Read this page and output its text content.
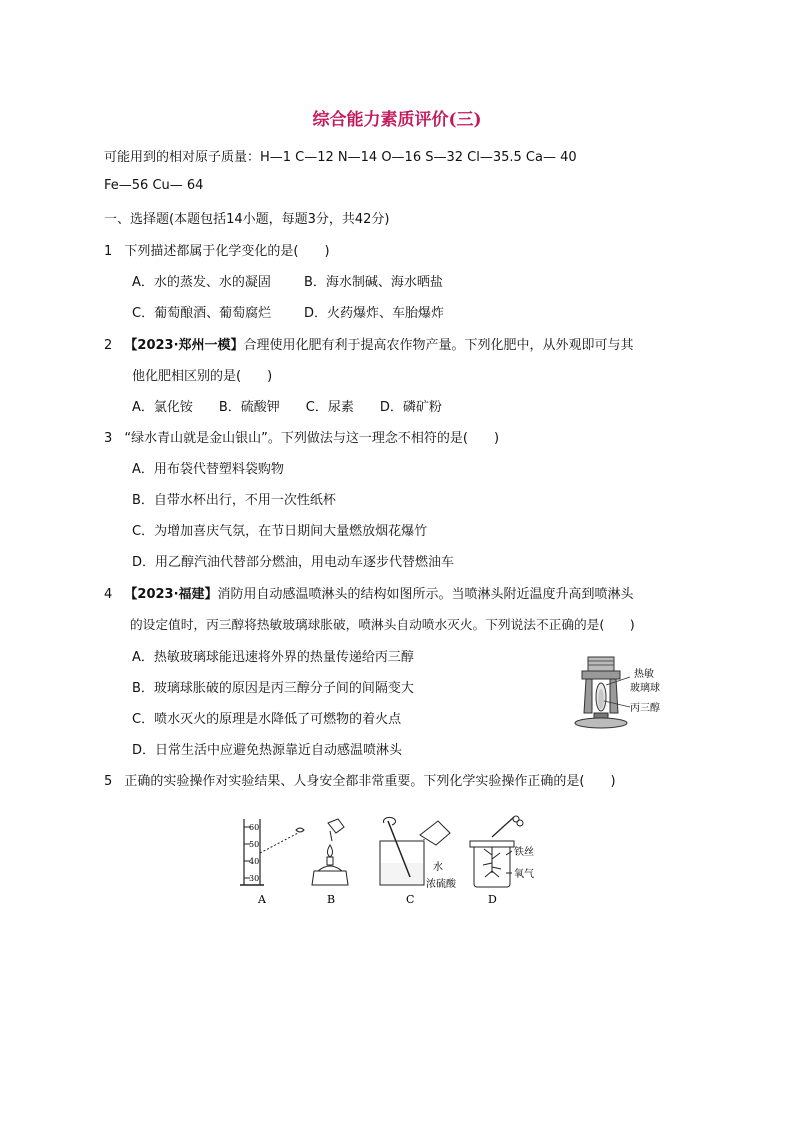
综合能力素质评价(三)
可能用到的相对原子质量：H—1 C—12 N—14 O—16 S—32 Cl—35.5 Ca— 40
Fe—56 Cu— 64
一、选择题(本题包括14小题，每题3分，共42分)
1 下列描述都属于化学变化的是(　　)
A．水的蒸发、水的凝固	B．海水制碱、海水晒盐
C．葡萄酿酒、葡萄腐烂	D．火药爆炸、车胎爆炸
2 【2023·郑州一模】合理使用化肥有利于提高农作物产量。下列化肥中，从外观即可与其
他化肥相区别的是(　　)
A．氯化铵　　B．硫酸钾　　C．尿素　　D．磷矿粉
3 “绿水青山就是金山银山”。下列做法与这一理念不相符的是(　　)
A．用布袋代替塑料袋购物
B．自带水杯出行，不用一次性纸杯
C．为增加喜庆气氛，在节日期间大量燃放烟花爆竹
D．用乙醇汽油代替部分燃油，用电动车逐步代替燃油车
4 【2023·福建】消防用自动感温喷淋头的结构如图所示。当喷淋头附近温度升高到喷淋头
的设定值时，丙三醇将热敏玻璃球胀破，喷淋头自动喷水灭火。下列说法不正确的是(　　)
A．热敏玻璃球能迅速将外界的热量传递给丙三醇
B．玻璃球胀破的原因是丙三醇分子间的间隔变大
C．喷水灭火的原理是水降低了可燃物的着火点
D．日常生活中应避免热源靠近自动感温喷淋头
热敏
玻璃球
丙三醇
5 正确的实验操作对实验结果、人身安全都非常重要。下列化学实验操作正确的是(　　)
60
50
40
30
水
浓硫酸
铁丝
氧气
A	B	C	D
